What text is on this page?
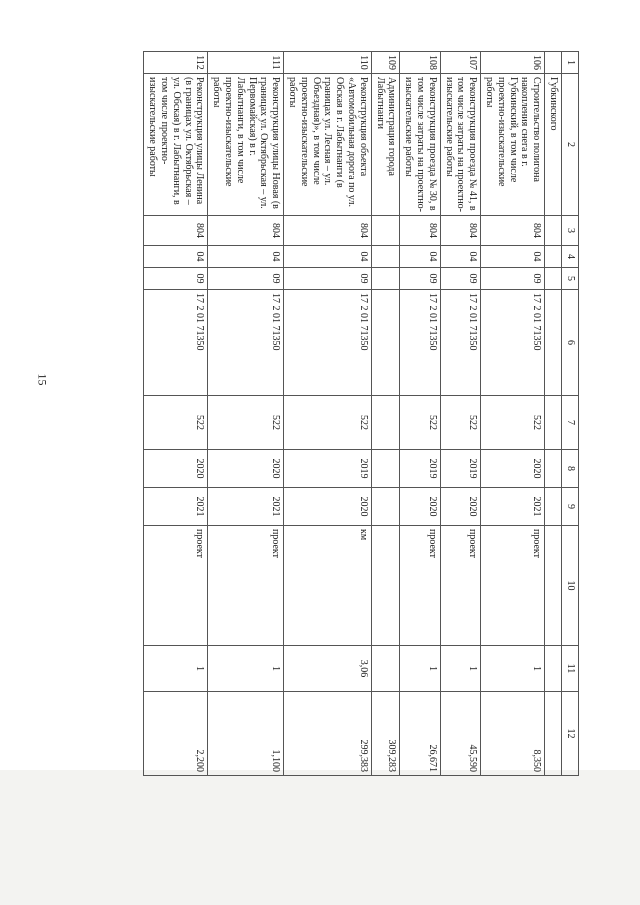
15
1	2	3	4	5	6	7	8	9	10	11	12
	Губкинского										
106	Строительство полигона накопления снега в г. Губкинский, в том числе проектно-изыскательские работы	804	04	09	17 2 01 71350	522	2020	2021	проект	1	8,350
107	Реконструкция проезда № 41, в том числе затраты на проектно-изыскательские работы	804	04	09	17 2 01 71350	522	2019	2020	проект	1	45,590
108	Реконструкция проезда № 30, в том числе затраты на проектно-изыскательские работы	804	04	09	17 2 01 71350	522	2019	2020	проект	1	26,671
109	Администрация города Лабытнанги										309,283
110	Реконструкция объекта «Автомобильная дорога по ул. Обская в г. Лабытнанги (в границах ул. Лесная – ул. Объездная)», в том числе проектно-изыскательские работы	804	04	09	17 2 01 71350	522	2019	2020	км	3,06	299,383
111	Реконструкция улицы Новая (в границах ул. Октябрьская – ул. Первомайская) в г. Лабытнанги, в том числе проектно-изыскательские работы	804	04	09	17 2 01 71350	522	2020	2021	проект	1	1,100
112	Реконструкция улицы Ленина (в границах ул. Октябрьская – ул. Обская) в г. Лабытнанги, в том числе проектно-изыскательские работы	804	04	09	17 2 01 71350	522	2020	2021	проект	1	2,200
